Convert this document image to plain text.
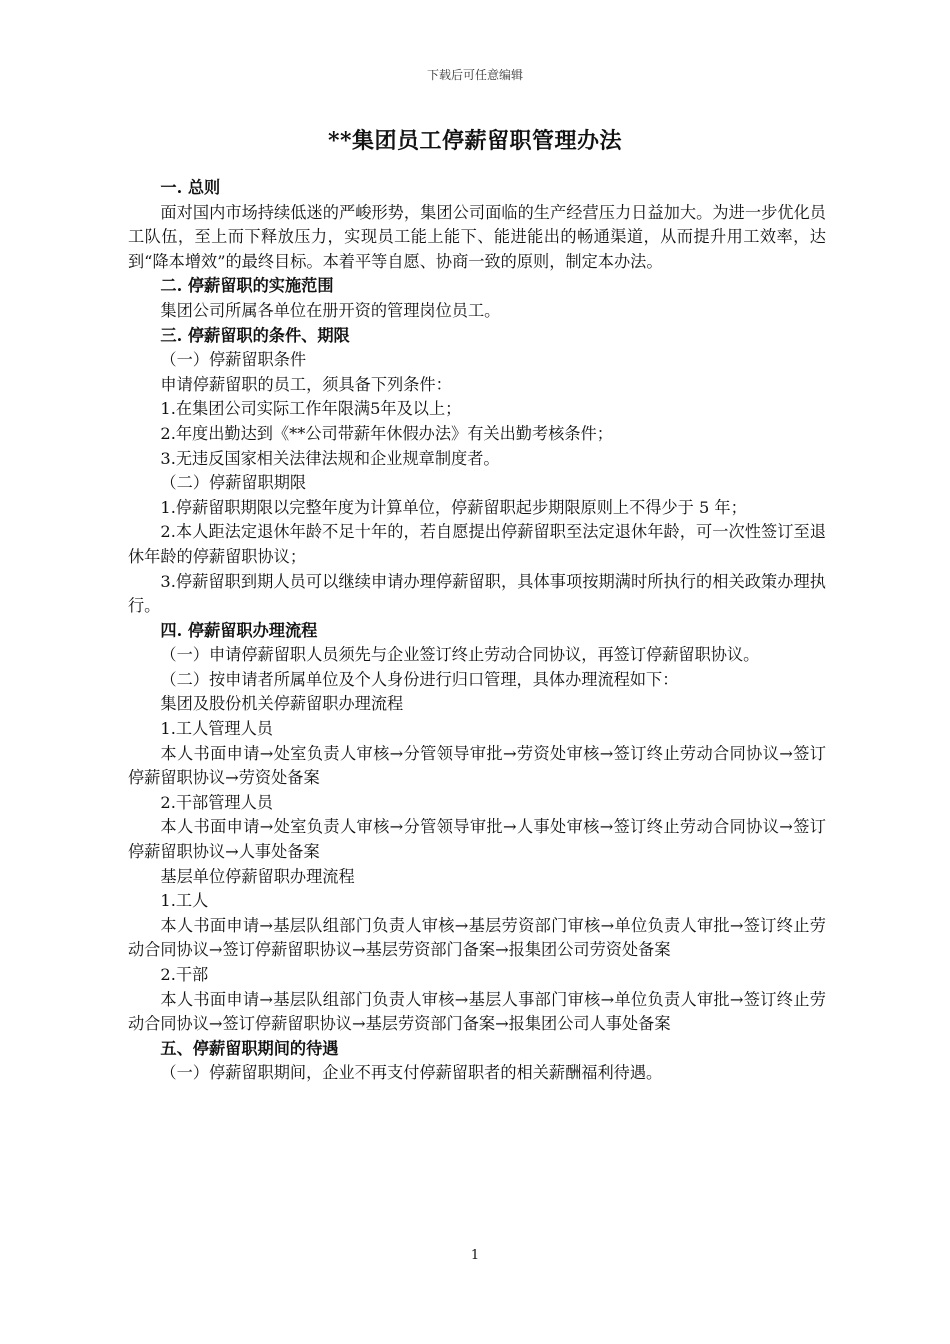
下载后可任意编辑
**集团员工停薪留职管理办法

一. 总则

面对国内市场持续低迷的严峻形势，集团公司面临的生产经营压力日益加大。为进一步优化员工队伍，至上而下释放压力，实现员工能上能下、能进能出的畅通渠道，从而提升用工效率，达到“降本增效”的最终目标。本着平等自愿、协商一致的原则，制定本办法。

二. 停薪留职的实施范围

集团公司所属各单位在册开资的管理岗位员工。

三. 停薪留职的条件、期限

（一）停薪留职条件

申请停薪留职的员工，须具备下列条件：

1.在集团公司实际工作年限满5年及以上；

2.年度出勤达到《**公司带薪年休假办法》有关出勤考核条件；

3.无违反国家相关法律法规和企业规章制度者。

（二）停薪留职期限

1.停薪留职期限以完整年度为计算单位，停薪留职起步期限原则上不得少于 5 年；

2.本人距法定退休年龄不足十年的，若自愿提出停薪留职至法定退休年龄，可一次性签订至退休年龄的停薪留职协议；

3.停薪留职到期人员可以继续申请办理停薪留职，具体事项按期满时所执行的相关政策办理执行。

四. 停薪留职办理流程

（一）申请停薪留职人员须先与企业签订终止劳动合同协议，再签订停薪留职协议。

（二）按申请者所属单位及个人身份进行归口管理，具体办理流程如下：

集团及股份机关停薪留职办理流程

1.工人管理人员

本人书面申请→处室负责人审核→分管领导审批→劳资处审核→签订终止劳动合同协议→签订停薪留职协议→劳资处备案

2.干部管理人员

本人书面申请→处室负责人审核→分管领导审批→人事处审核→签订终止劳动合同协议→签订停薪留职协议→人事处备案

基层单位停薪留职办理流程

1.工人

本人书面申请→基层队组部门负责人审核→基层劳资部门审核→单位负责人审批→签订终止劳动合同协议→签订停薪留职协议→基层劳资部门备案→报集团公司劳资处备案

2.干部

本人书面申请→基层队组部门负责人审核→基层人事部门审核→单位负责人审批→签订终止劳动合同协议→签订停薪留职协议→基层劳资部门备案→报集团公司人事处备案

五、停薪留职期间的待遇

（一）停薪留职期间，企业不再支付停薪留职者的相关薪酬福利待遇。

1
